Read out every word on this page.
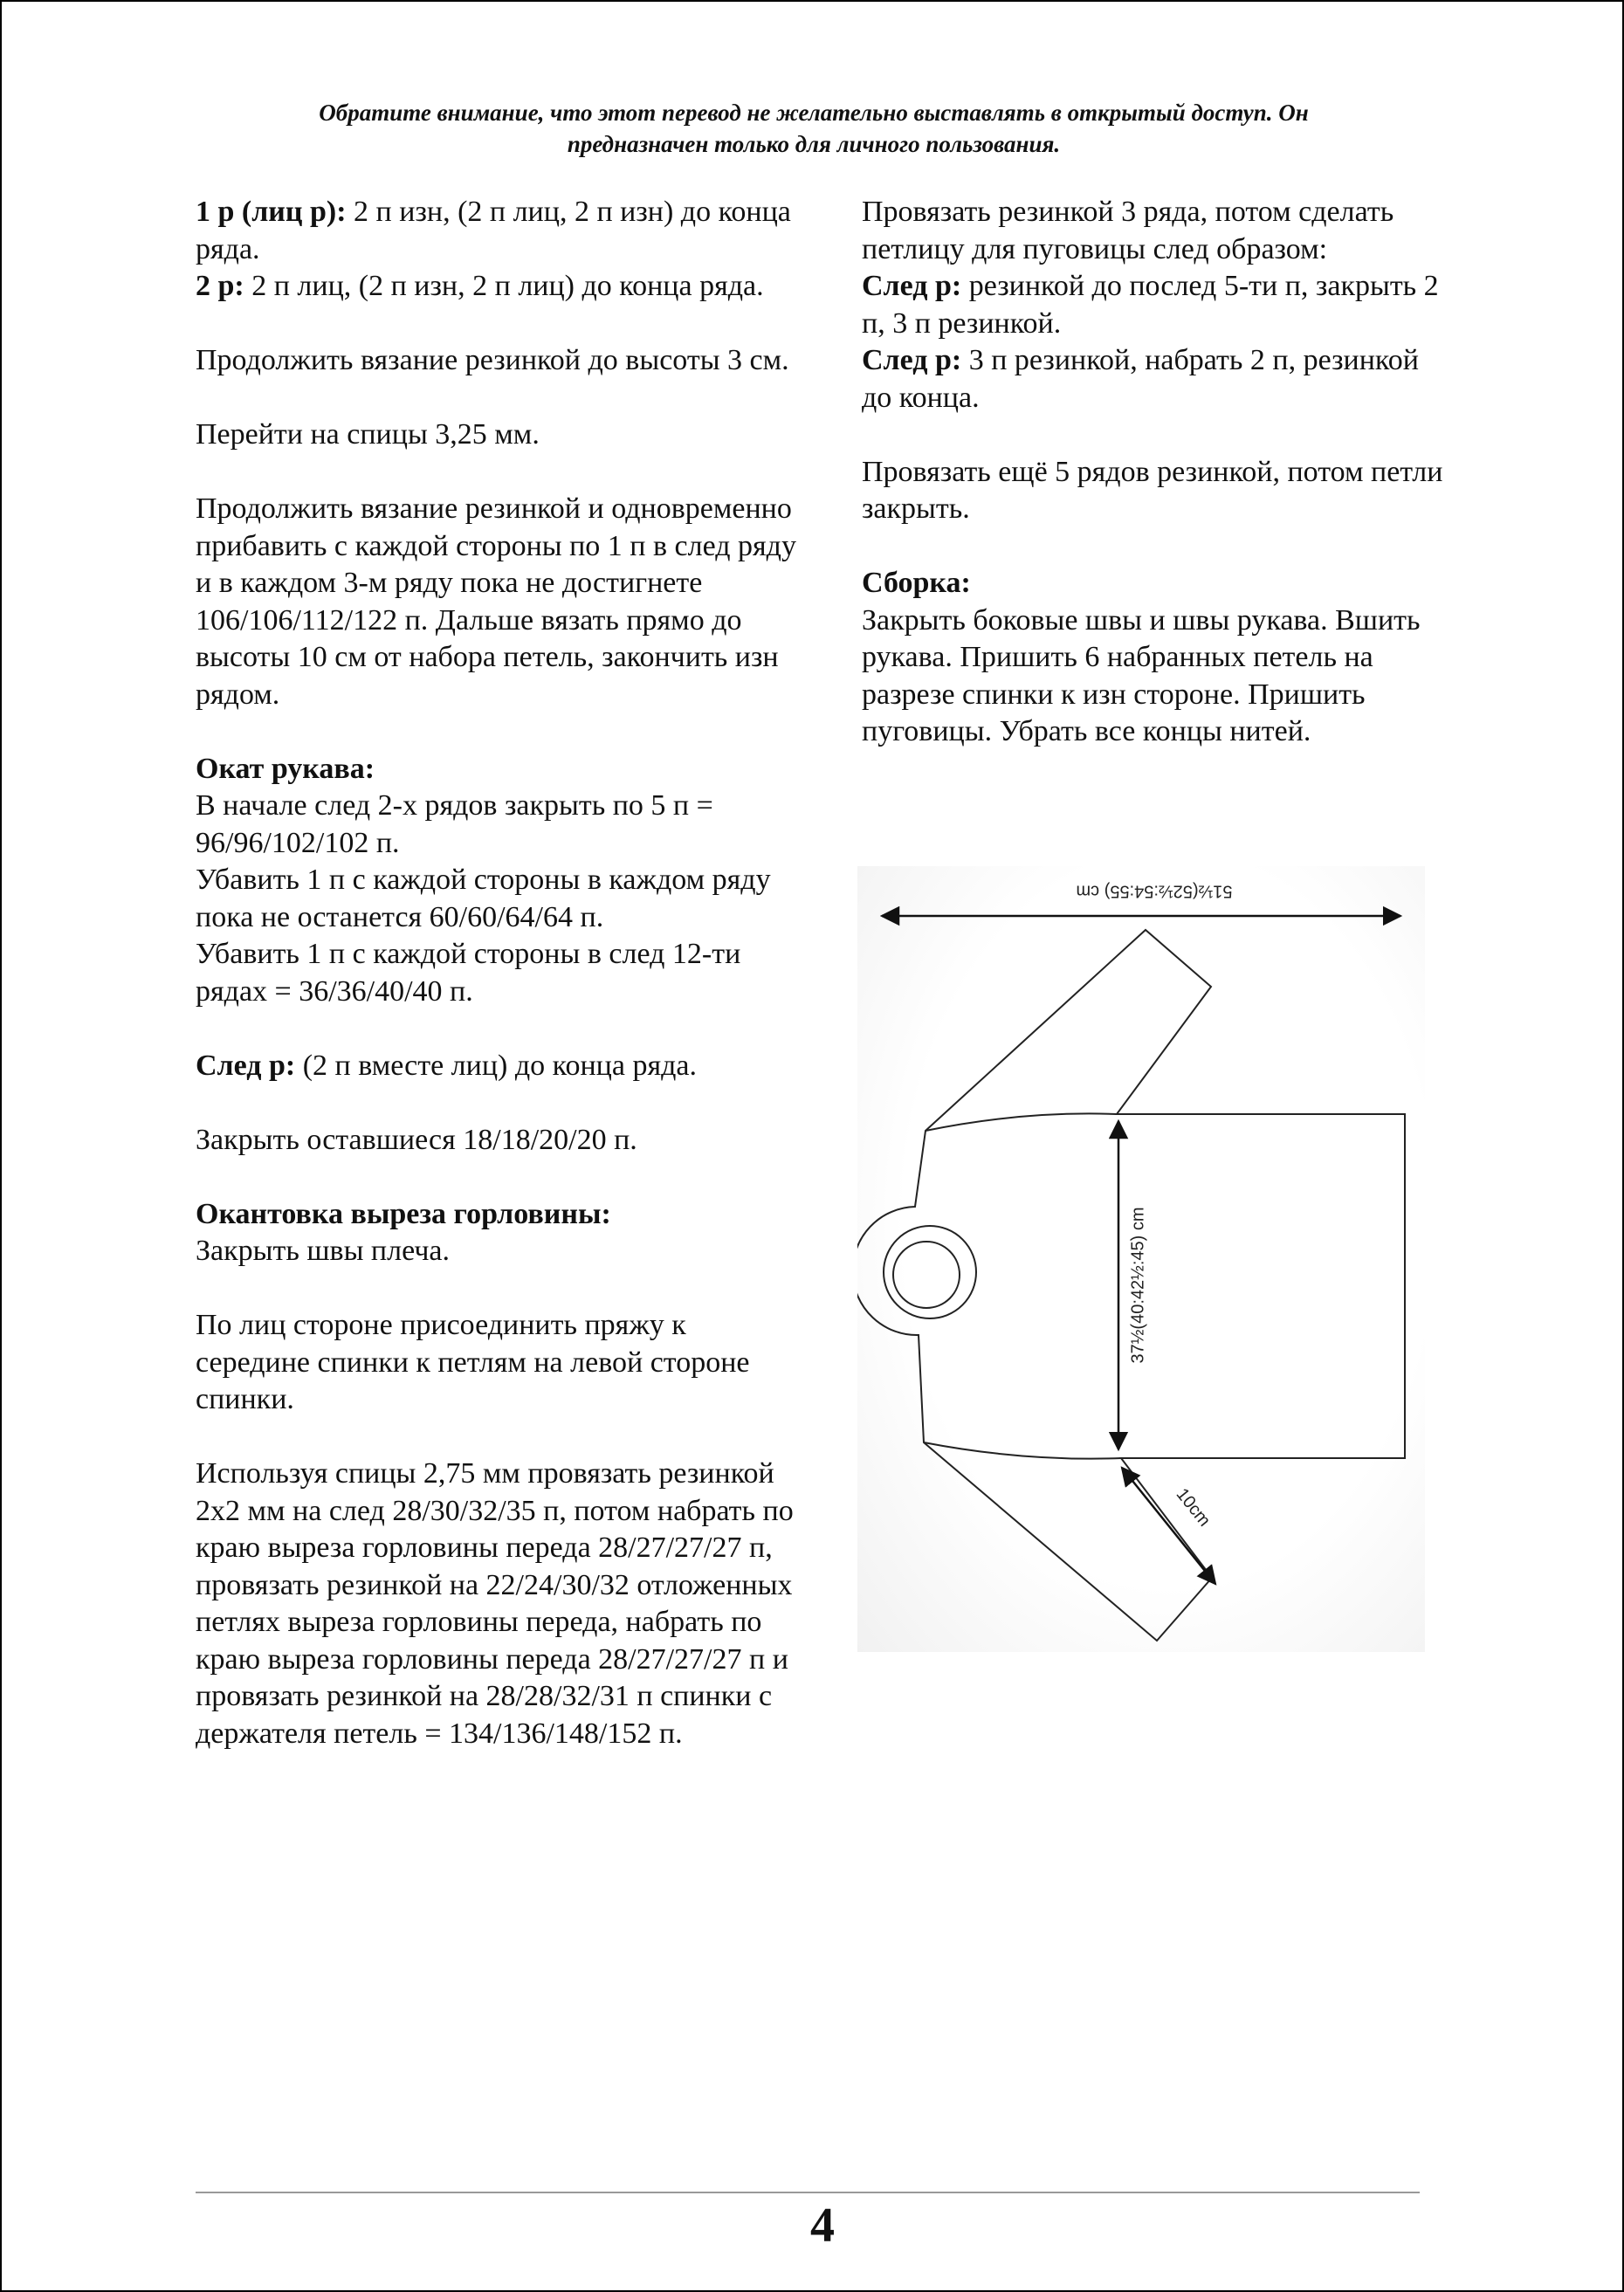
Обратите внимание, что этот перевод не желательно выставлять в открытый доступ. Он
предназначен только для личного пользования.

1 р (лиц р): 2 п изн, (2 п лиц, 2 п изн) до конца ряда.
2 р: 2 п лиц, (2 п изн, 2 п лиц) до конца ряда.

Продолжить вязание резинкой до высоты 3 см.

Перейти на спицы 3,25 мм.

Продолжить вязание резинкой и одновременно прибавить с каждой стороны по 1 п в след ряду и в каждом 3-м ряду пока не достигнете 106/106/112/122 п. Дальше вязать прямо до высоты 10 см от набора петель, закончить изн рядом.

Окат рукава:
В начале след 2-х рядов закрыть по 5 п = 96/96/102/102 п.
Убавить 1 п с каждой стороны в каждом ряду пока не останется 60/60/64/64 п.
Убавить 1 п с каждой стороны в след 12-ти рядах = 36/36/40/40 п.

След р: (2 п вместе лиц) до конца ряда.

Закрыть оставшиеся 18/18/20/20 п.

Окантовка выреза горловины:
Закрыть швы плеча.

По лиц стороне присоединить пряжу к середине спинки к петлям на левой стороне спинки.

Используя спицы 2,75 мм провязать резинкой 2x2 мм на след 28/30/32/35 п, потом набрать по краю выреза горловины переда 28/27/27/27 п, провязать резинкой на 22/24/30/32 отложенных петлях выреза горловины переда, набрать по краю выреза горловины переда 28/27/27/27 п и провязать резинкой на 28/28/32/31 п спинки с держателя петель = 134/136/148/152 п.

Провязать резинкой 3 ряда, потом сделать петлицу для пуговицы след образом:
След р: резинкой до послед 5-ти п, закрыть 2 п, 3 п резинкой.
След р: 3 п резинкой, набрать 2 п, резинкой до конца.

Провязать ещё 5 рядов резинкой, потом петли закрыть.

Сборка:
Закрыть боковые швы и швы рукава. Вшить рукава. Пришить 6 набранных петель на разрезе спинки к изн стороне. Пришить пуговицы. Убрать все концы нитей.

51½(52½:54:55) cm
37½(40:42½:45) cm
10cm
4
